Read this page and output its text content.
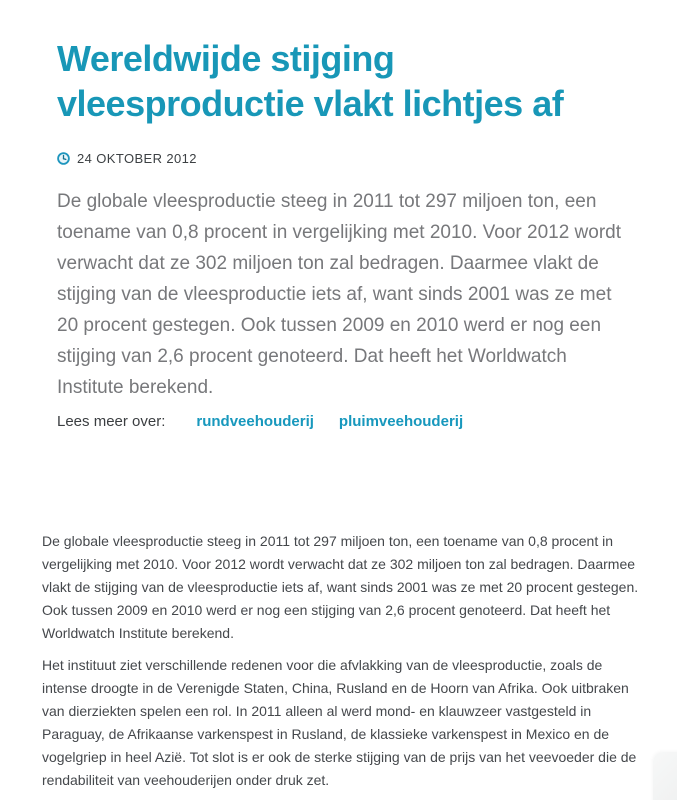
Wereldwijde stijging vleesproductie vlakt lichtjes af
24 OKTOBER 2012

De globale vleesproductie steeg in 2011 tot 297 miljoen ton, een toename van 0,8 procent in vergelijking met 2010. Voor 2012 wordt verwacht dat ze 302 miljoen ton zal bedragen. Daarmee vlakt de stijging van de vleesproductie iets af, want sinds 2001 was ze met 20 procent gestegen. Ook tussen 2009 en 2010 werd er nog een stijging van 2,6 procent genoteerd. Dat heeft het Worldwatch Institute berekend.

Lees meer over: rundveehouderij pluimveehouderij

De globale vleesproductie steeg in 2011 tot 297 miljoen ton, een toename van 0,8 procent in vergelijking met 2010. Voor 2012 wordt verwacht dat ze 302 miljoen ton zal bedragen. Daarmee vlakt de stijging van de vleesproductie iets af, want sinds 2001 was ze met 20 procent gestegen. Ook tussen 2009 en 2010 werd er nog een stijging van 2,6 procent genoteerd. Dat heeft het Worldwatch Institute berekend.

Het instituut ziet verschillende redenen voor die afvlakking van de vleesproductie, zoals de intense droogte in de Verenigde Staten, China, Rusland en de Hoorn van Afrika. Ook uitbraken van dierziekten spelen een rol. In 2011 alleen al werd mond- en klauwzeer vastgesteld in Paraguay, de Afrikaanse varkenspest in Rusland, de klassieke varkenspest in Mexico en de vogelgriep in heel Azië. Tot slot is er ook de sterke stijging van de prijs van het veevoeder die de rendabiliteit van veehouderijen onder druk zet.
